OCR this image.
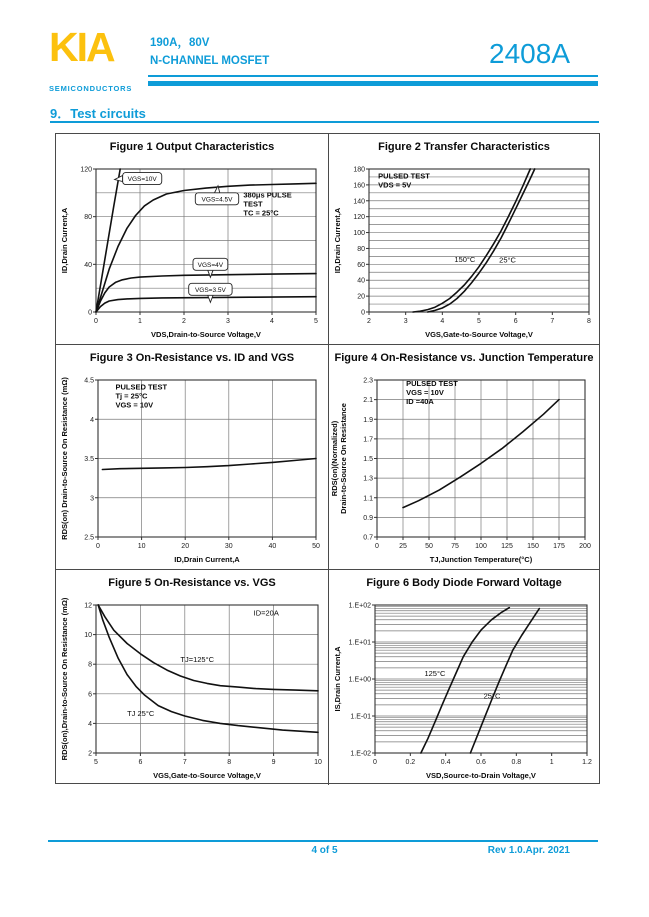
KIA
SEMICONDUCTORS
190A，80V
N-CHANNEL MOSFET	2408A
9．Test circuits
Figure 1 Output Characteristics
0	1	2	3	4	5
0
40
80
120
VDS,Drain-to-Source Voltage,V
ID,Drain Current,A
380μs PULSE TEST TC = 25°C
VGS=10V
VGS=4.5V
VGS=4V
VGS=3.5V
Figure 2 Transfer Characteristics
2	3	4	5	6	7	8
0
20
40
60
80
100
120
140
160
180
VGS,Gate-to-Source Voltage,V
ID,Drain Current,A
PULSED TEST VDS = 5V
150°C	25°C
Figure 3 On-Resistance vs. ID and VGS
0	10	20	30	40	50
2.5
3
3.5
4
4.5
ID,Drain Current,A
RDS(on) Drain-to-Source On Resistance (mΩ)	PULSED TEST Tj = 25°C VGS = 10V
Figure 4 On-Resistance vs. Junction Temperature
0	25	50	75 100 125 150 175 200
0.7
0.9
1.1
1.3
1.5
1.7
1.9
2.1
2.3
TJ,Junction Temperature(°C)
RDS(on)(Normalized)Drain-to-Source On Resistance
PULSED TEST VGS = 10V ID =40A
Figure 5 On-Resistance vs. VGS
5	6	7	8	9	10
2
4
6
8
10
12
VGS,Gate-to-Source Voltage,V
RDS(on),Drain-to-Source On Resistance (mΩ)	ID=20A
TJ=125°C
TJ 25°C
Figure 6 Body Diode Forward Voltage
0	0.2	0.4	0.6	0.8	1	1.2
1.E-02
1.E-01
1.E+00
1.E+01
1.E+02
VSD,Source-to-Drain Voltage,V
IS,Drain Current,A	125°C
25°C
4 of 5	Rev 1.0.Apr. 2021
